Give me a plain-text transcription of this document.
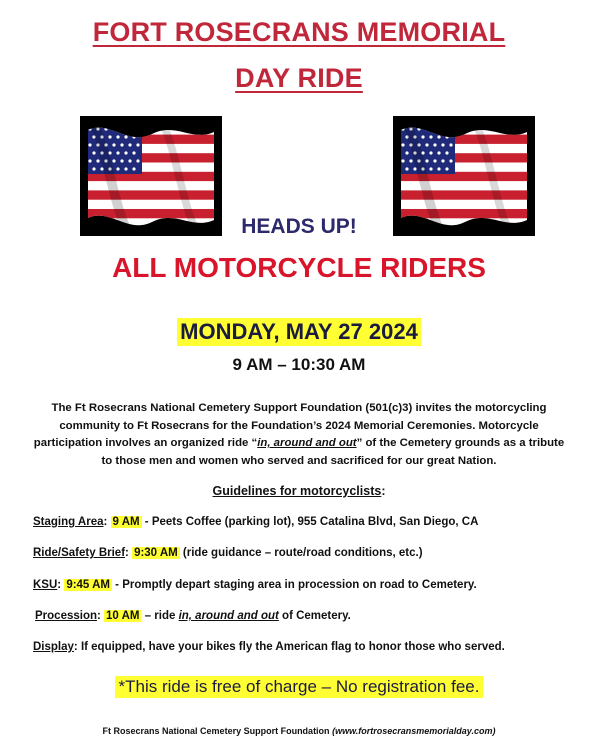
FORT ROSECRANS MEMORIAL
DAY RIDE
HEADS UP!
ALL MOTORCYCLE RIDERS
MONDAY, MAY 27 2024
9 AM – 10:30 AM
The Ft Rosecrans National Cemetery Support Foundation (501(c)3) invites the motorcycling community to Ft Rosecrans for the Foundation’s 2024 Memorial Ceremonies. Motorcycle participation involves an organized ride “in, around and out” of the Cemetery grounds as a tribute to those men and women who served and sacrificed for our great Nation.
Guidelines for motorcyclists:
Staging Area: 9 AM - Peets Coffee (parking lot), 955 Catalina Blvd, San Diego, CA
Ride/Safety Brief: 9:30 AM (ride guidance – route/road conditions, etc.)
KSU: 9:45 AM - Promptly depart staging area in procession on road to Cemetery.
Procession: 10 AM – ride in, around and out of Cemetery.
Display: If equipped, have your bikes fly the American flag to honor those who served.
*This ride is free of charge – No registration fee.
Ft Rosecrans National Cemetery Support Foundation (www.fortrosecransmemorialday.com)
